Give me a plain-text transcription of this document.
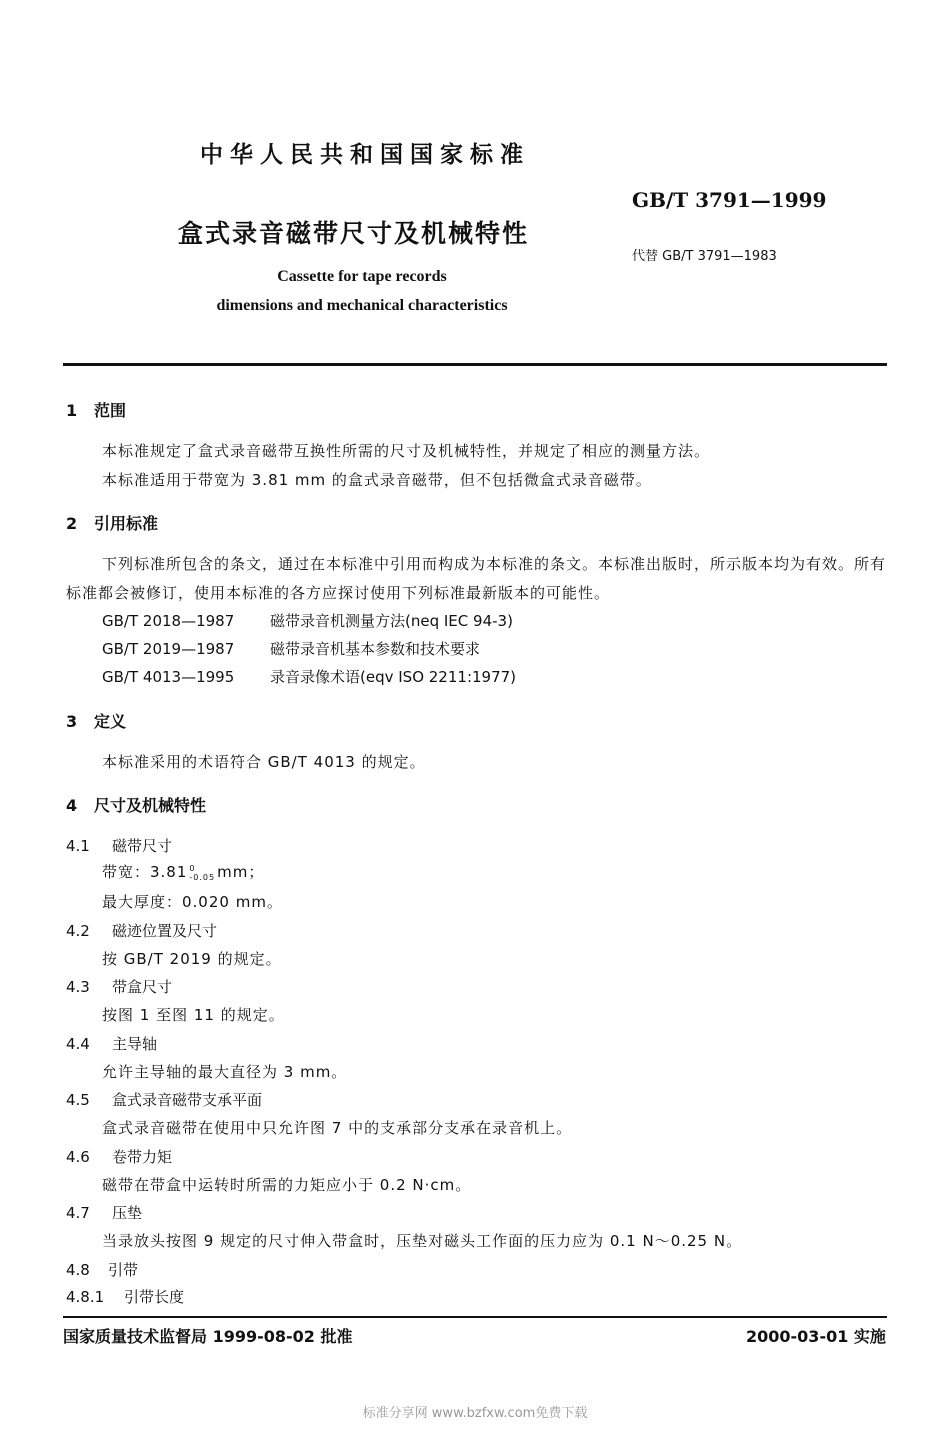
中华人民共和国国家标准
GB/T 3791—1999
盒式录音磁带尺寸及机械特性
代替 GB/T 3791—1983
Cassette for tape records
dimensions and mechanical characteristics
1 范围
本标准规定了盒式录音磁带互换性所需的尺寸及机械特性，并规定了相应的测量方法。
本标准适用于带宽为 3.81 mm 的盒式录音磁带，但不包括微盒式录音磁带。
2 引用标准
下列标准所包含的条文，通过在本标准中引用而构成为本标准的条文。本标准出版时，所示版本均为有效。所有标准都会被修订，使用本标准的各方应探讨使用下列标准最新版本的可能性。
GB/T 2018—1987 磁带录音机测量方法(neq IEC 94-3)
GB/T 2019—1987 磁带录音机基本参数和技术要求
GB/T 4013—1995 录音录像术语(eqv ISO 2211:1977)
3 定义
本标准采用的术语符合 GB/T 4013 的规定。
4 尺寸及机械特性
4.1 磁带尺寸
带宽：3.81 0
-0.05 mm；
最大厚度：0.020 mm。
4.2 磁迹位置及尺寸
按 GB/T 2019 的规定。
4.3 带盒尺寸
按图 1 至图 11 的规定。
4.4 主导轴
允许主导轴的最大直径为 3 mm。
4.5 盒式录音磁带支承平面
盒式录音磁带在使用中只允许图 7 中的支承部分支承在录音机上。
4.6 卷带力矩
磁带在带盒中运转时所需的力矩应小于 0.2 N·cm。
4.7 压垫
当录放头按图 9 规定的尺寸伸入带盒时，压垫对磁头工作面的压力应为 0.1 N～0.25 N。
4.8 引带
4.8.1 引带长度
国家质量技术监督局 1999-08-02 批准	2000-03-01 实施
标准分享网 www.bzfxw.com免费下载
